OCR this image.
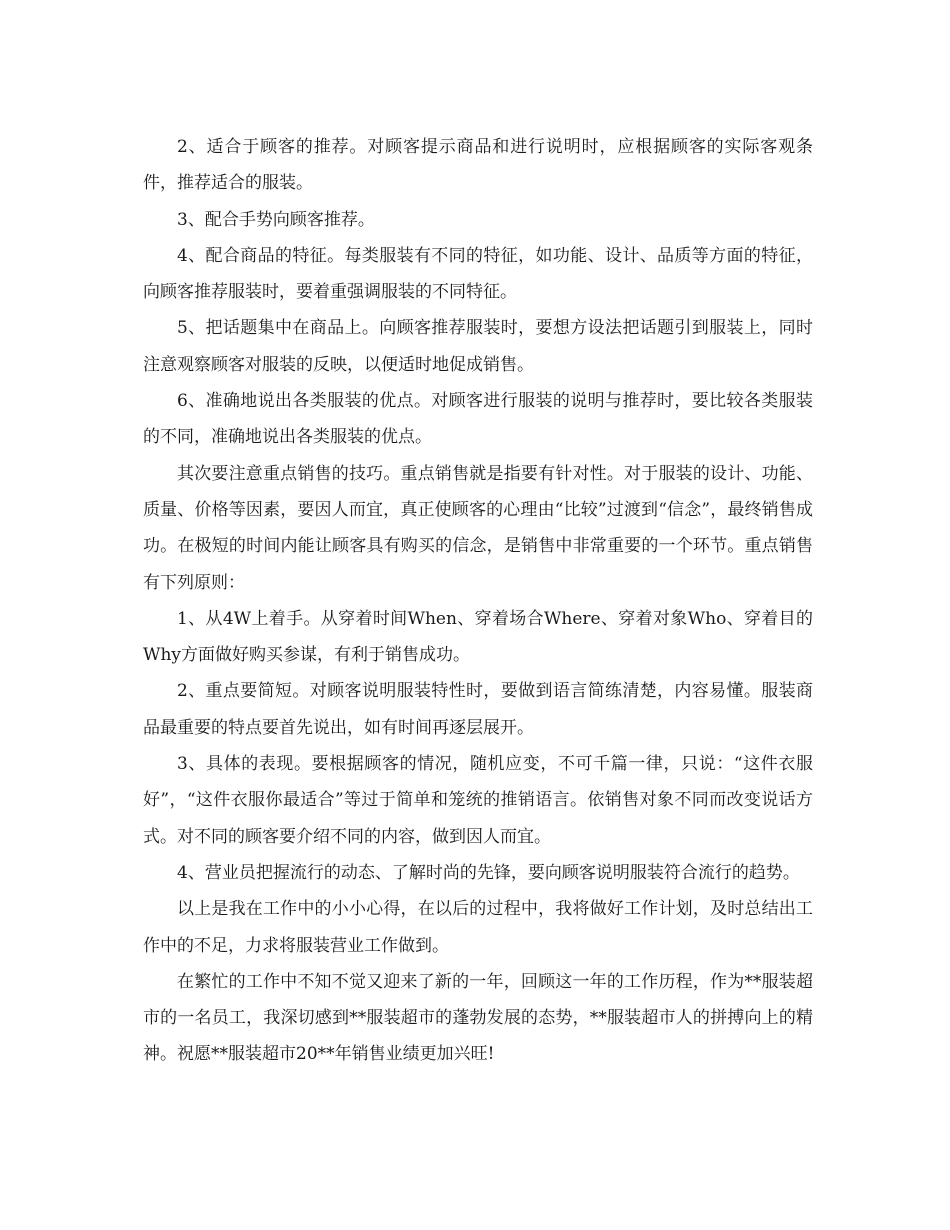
2、适合于顾客的推荐。对顾客提示商品和进行说明时，应根据顾客的实际客观条件，推荐适合的服装。

3、配合手势向顾客推荐。

4、配合商品的特征。每类服装有不同的特征，如功能、设计、品质等方面的特征，向顾客推荐服装时，要着重强调服装的不同特征。

5、把话题集中在商品上。向顾客推荐服装时，要想方设法把话题引到服装上，同时注意观察顾客对服装的反映，以便适时地促成销售。

6、准确地说出各类服装的优点。对顾客进行服装的说明与推荐时，要比较各类服装的不同，准确地说出各类服装的优点。

其次要注意重点销售的技巧。重点销售就是指要有针对性。对于服装的设计、功能、质量、价格等因素，要因人而宜，真正使顾客的心理由“比较”过渡到“信念”，最终销售成功。在极短的时间内能让顾客具有购买的信念，是销售中非常重要的一个环节。重点销售有下列原则：

1、从4W上着手。从穿着时间When、穿着场合Where、穿着对象Who、穿着目的Why方面做好购买参谋，有利于销售成功。

2、重点要简短。对顾客说明服装特性时，要做到语言简练清楚，内容易懂。服装商品最重要的特点要首先说出，如有时间再逐层展开。

3、具体的表现。要根据顾客的情况，随机应变，不可千篇一律，只说：“这件衣服好”，“这件衣服你最适合”等过于简单和笼统的推销语言。依销售对象不同而改变说话方式。对不同的顾客要介绍不同的内容，做到因人而宜。

4、营业员把握流行的动态、了解时尚的先锋，要向顾客说明服装符合流行的趋势。

以上是我在工作中的小小心得，在以后的过程中，我将做好工作计划，及时总结出工作中的不足，力求将服装营业工作做到。

在繁忙的工作中不知不觉又迎来了新的一年，回顾这一年的工作历程，作为**服装超市的一名员工，我深切感到**服装超市的蓬勃发展的态势，**服装超市人的拼搏向上的精神。祝愿**服装超市20**年销售业绩更加兴旺!
